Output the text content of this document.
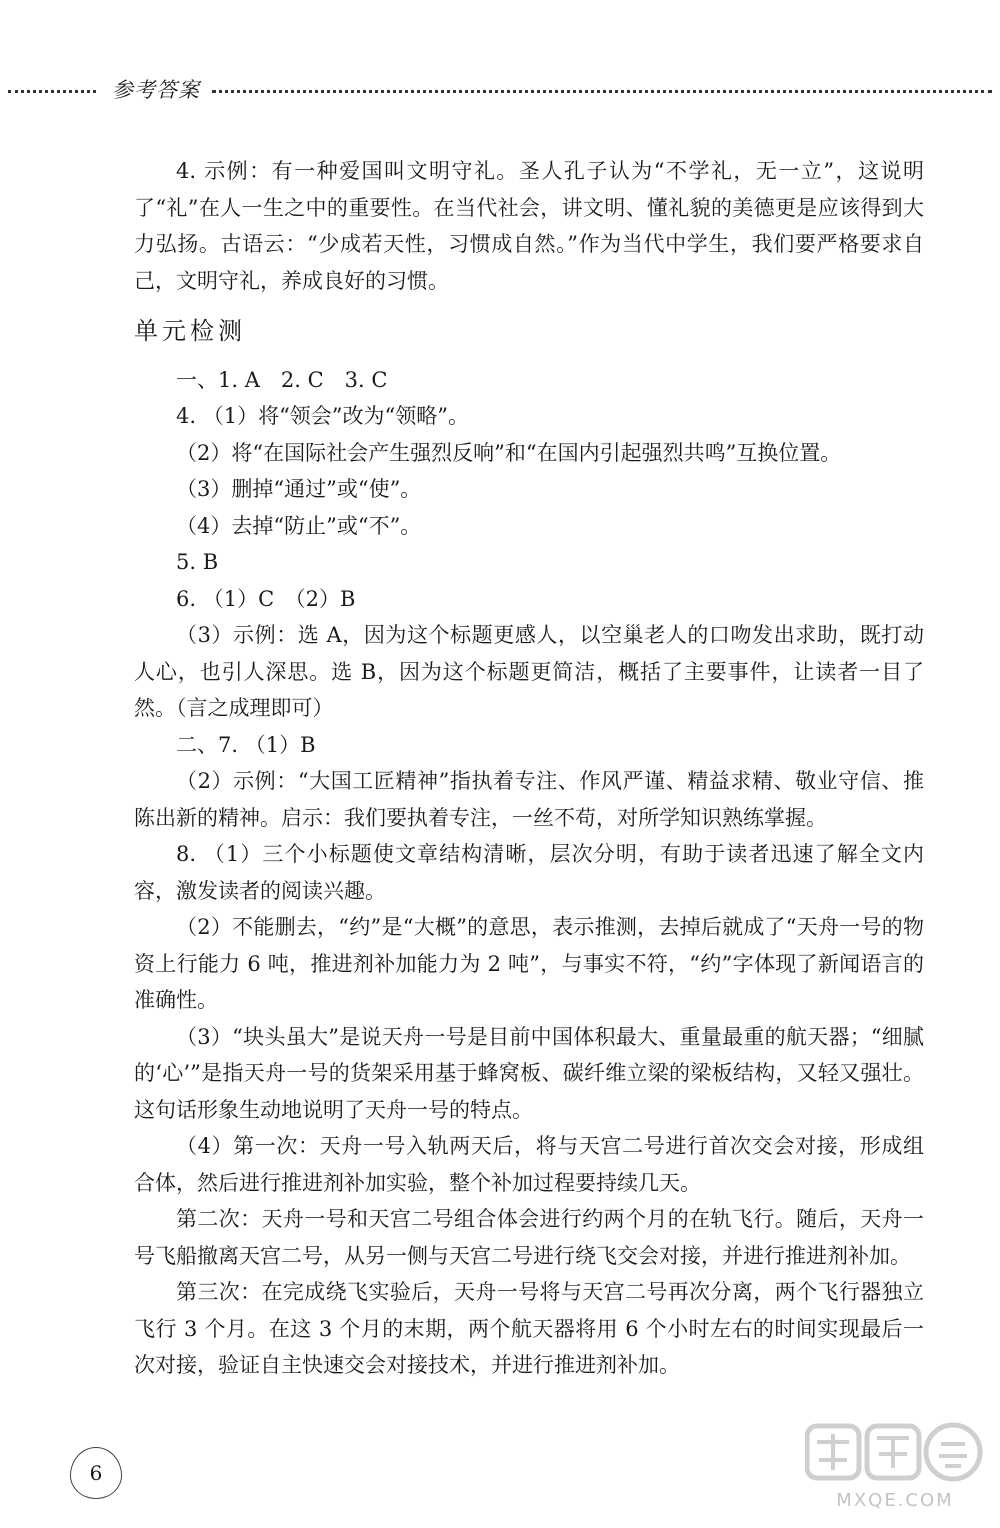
参考答案

4. 示例：有一种爱国叫文明守礼。圣人孔子认为“不学礼，无一立”，这说明了“礼”在人一生之中的重要性。在当代社会，讲文明、懂礼貌的美德更是应该得到大力弘扬。古语云：“少成若天性，习惯成自然。”作为当代中学生，我们要严格要求自己，文明守礼，养成良好的习惯。

单元检测

一、1. A　2. C　3. C

4. （1）将“领会”改为“领略”。

（2）将“在国际社会产生强烈反响”和“在国内引起强烈共鸣”互换位置。

（3）删掉“通过”或“使”。

（4）去掉“防止”或“不”。

5. B

6. （1）C　（2）B

（3）示例：选 A，因为这个标题更感人，以空巢老人的口吻发出求助，既打动人心，也引人深思。选 B，因为这个标题更简洁，概括了主要事件，让读者一目了然。（言之成理即可）

二、7. （1）B

（2）示例：“大国工匠精神”指执着专注、作风严谨、精益求精、敬业守信、推陈出新的精神。启示：我们要执着专注，一丝不苟，对所学知识熟练掌握。

8. （1）三个小标题使文章结构清晰，层次分明，有助于读者迅速了解全文内容，激发读者的阅读兴趣。

（2）不能删去，“约”是“大概”的意思，表示推测，去掉后就成了“天舟一号的物资上行能力 6 吨，推进剂补加能力为 2 吨”，与事实不符，“约”字体现了新闻语言的准确性。

（3）“块头虽大”是说天舟一号是目前中国体积最大、重量最重的航天器；“细腻的‘心’”是指天舟一号的货架采用基于蜂窝板、碳纤维立梁的梁板结构，又轻又强壮。这句话形象生动地说明了天舟一号的特点。

（4）第一次：天舟一号入轨两天后，将与天宫二号进行首次交会对接，形成组合体，然后进行推进剂补加实验，整个补加过程要持续几天。

第二次：天舟一号和天宫二号组合体会进行约两个月的在轨飞行。随后，天舟一号飞船撤离天宫二号，从另一侧与天宫二号进行绕飞交会对接，并进行推进剂补加。

第三次：在完成绕飞实验后，天舟一号将与天宫二号再次分离，两个飞行器独立飞行 3 个月。在这 3 个月的末期，两个航天器将用 6 个小时左右的时间实现最后一次对接，验证自主快速交会对接技术，并进行推进剂补加。

6
MXQE.COM
